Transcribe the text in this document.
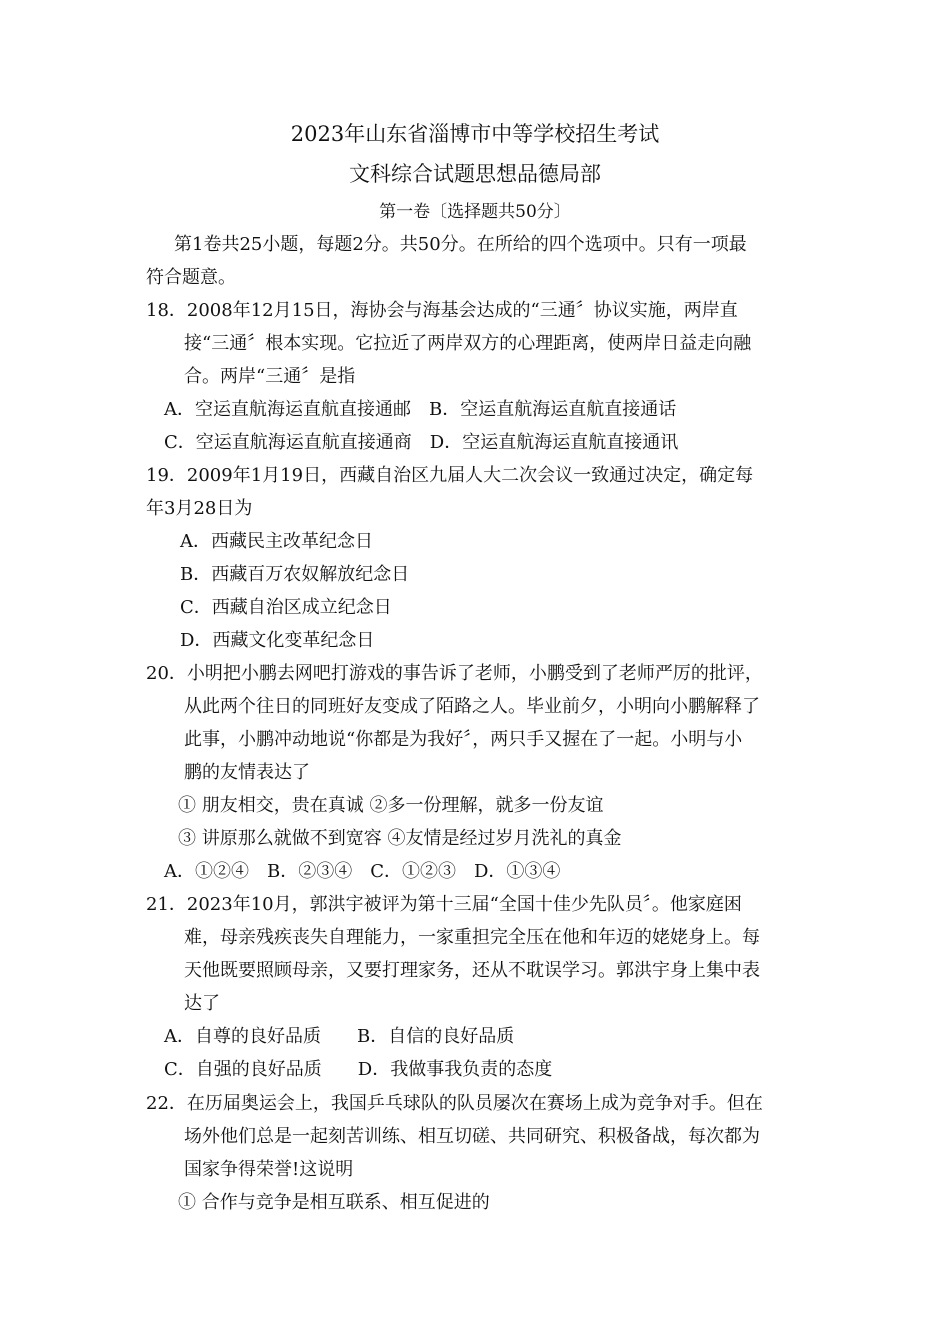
2023年山东省淄博市中等学校招生考试
文科综合试题思想品德局部
第一卷〔选择题共50分〕
第1卷共25小题，每题2分。共50分。在所给的四个选项中。只有一项最
符合题意。
18．2008年12月15日，海协会与海基会达成的“三通〞协议实施，两岸直
接“三通〞根本实现。它拉近了两岸双方的心理距离，使两岸日益走向融
合。两岸“三通〞是指
A．空运直航海运直航直接通邮　B．空运直航海运直航直接通话
C．空运直航海运直航直接通商　D．空运直航海运直航直接通讯
19．2009年1月19日，西藏自治区九届人大二次会议一致通过决定，确定每
年3月28日为
A．西藏民主改革纪念日
B．西藏百万农奴解放纪念日
C．西藏自治区成立纪念日
D．西藏文化变革纪念日
20．小明把小鹏去网吧打游戏的事告诉了老师，小鹏受到了老师严厉的批评，
从此两个往日的同班好友变成了陌路之人。毕业前夕，小明向小鹏解释了
此事，小鹏冲动地说“你都是为我好〞，两只手又握在了一起。小明与小
鹏的友情表达了
① 朋友相交，贵在真诚 ②多一份理解，就多一份友谊
③ 讲原那么就做不到宽容 ④友情是经过岁月洗礼的真金
A．①②④　B．②③④　C．①②③　D．①③④
21．2023年10月，郭洪宇被评为第十三届“全国十佳少先队员〞。他家庭困
难，母亲残疾丧失自理能力，一家重担完全压在他和年迈的姥姥身上。每
天他既要照顾母亲，又要打理家务，还从不耽误学习。郭洪宇身上集中表
达了
A．自尊的良好品质　　B．自信的良好品质
C．自强的良好品质　　D．我做事我负责的态度
22．在历届奥运会上，我国乒乓球队的队员屡次在赛场上成为竞争对手。但在
场外他们总是一起刻苦训练、相互切磋、共同研究、积极备战，每次都为
国家争得荣誉!这说明
① 合作与竞争是相互联系、相互促进的
